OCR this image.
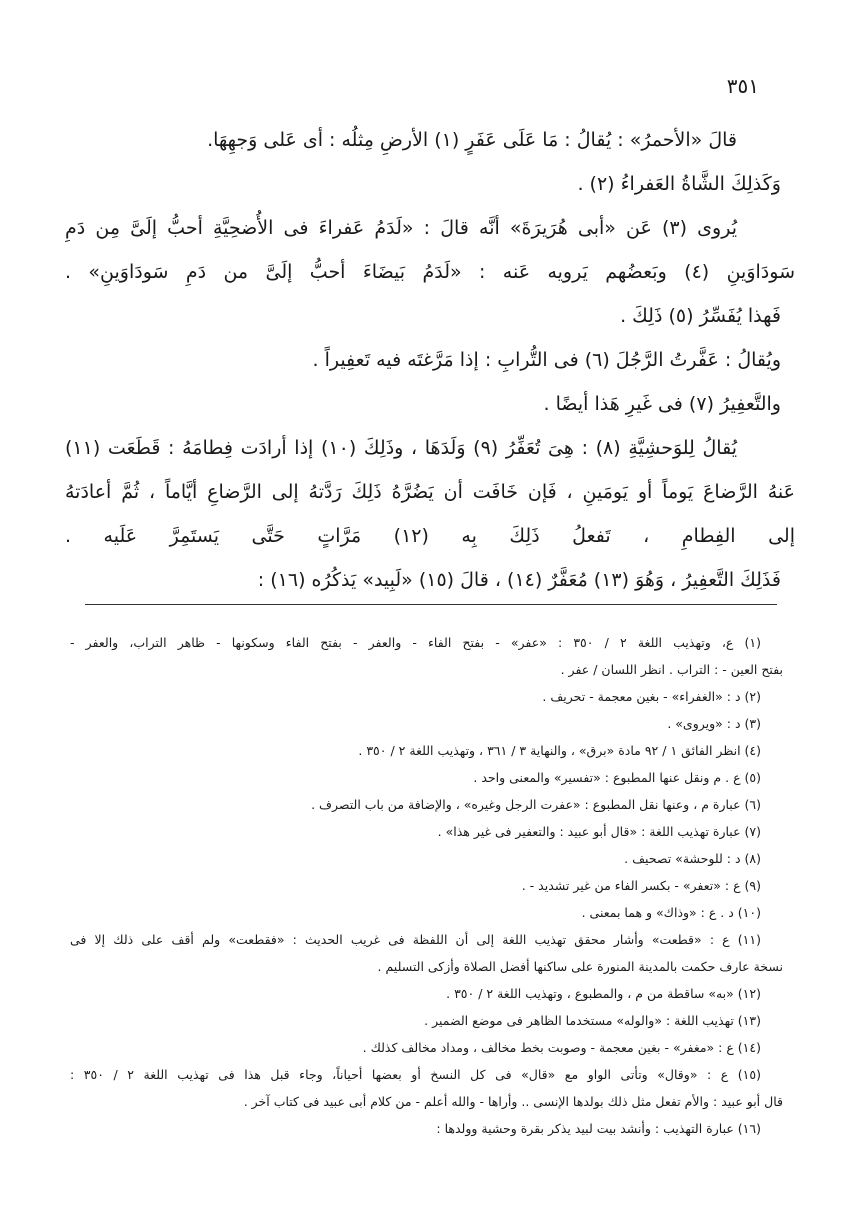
٣٥١

قالَ «الأحمرُ» : يُقالُ : مَا عَلَى عَفَرٍ (١) الأرضِ مِثلُه : أى عَلى وَجهِهَا.

وَكَذلِكَ الشَّاةُ العَفراءُ (٢) .

يُروى (٣) عَن «أبى هُرَيرَةَ» أنَّه قالَ : «لَدَمُ عَفراءَ فى الأُضحِيَّةِ أحبُّ إلَىَّ مِن دَمِ

سَودَاوَينِ (٤) وبَعضُهم يَرويه عَنه : «لَدَمُ بَيضَاءَ أحبُّ إلَىَّ من دَمِ سَودَاوَينِ» .

فَهذا يُفَسِّرُ (٥) ذَلِكَ .

ويُقالُ : عَفَّرتُ الرَّجُلَ (٦) فى التُّرابِ : إذا مَرَّغتَه فيه تَعفِيراً .

والتَّعفِيرُ (٧) فى غَيرِ هَذا أيضًا .

يُقالُ لِلوَحشِيَّةِ (٨) : هِىَ تُعَفِّرُ (٩) وَلَدَهَا ، وذَلِكَ (١٠) إذا أرادَت فِطامَهُ : قَطَعَت (١١)

عَنهُ الرَّضاعَ يَوماً أو يَومَينِ ، فَإن خَافَت أن يَضُرَّهُ ذَلِكَ رَدَّتهُ إلى الرَّضاعِ أيَّاماً ، ثُمَّ أعادَتهُ

إلى الفِطامِ ، تَفعلُ ذَلِكَ بِه (١٢) مَرَّاتٍ حَتَّى يَستَمِرَّ عَلَيه .

فَذَلِكَ التَّعفِيرُ ، وَهُوَ (١٣) مُعَفَّرٌ (١٤) ، قالَ (١٥) «لَبِيد» يَذكُرُه (١٦) :

(١) ع، وتهذيب اللغة ٢ / ٣٥٠ : «عفر» - بفتح الفاء - والعفر - بفتح الفاء وسكونها - ظاهر التراب، والعفر -

بفتح العين - : التراب . انظر اللسان / عفر .

(٢) د : «الغفراء» - بغين معجمة - تحريف .

(٣) د : «ويروى» .

(٤) انظر الفائق ١ / ٩٢ مادة «برق» ، والنهاية ٣ / ٣٦١ ، وتهذيب اللغة ٢ / ٣٥٠ .

(٥) ع . م ونقل عنها المطبوع : «تفسير» والمعنى واحد .

(٦) عبارة م ، وعنها نقل المطبوع : «عفرت الرجل وغيره» ، والإضافة من باب التصرف .

(٧) عبارة تهذيب اللغة : «قال أبو عبيد : والتعفير فى غير هذا» .

(٨) د : للوحشة» تصحيف .

(٩) ع : «تعفر» - بكسر الفاء من غير تشديد - .

(١٠) د . ع : «وذاك» و هما بمعنى .

(١١) ع : «قطعت» وأشار محقق تهذيب اللغة إلى أن اللفظة فى غريب الحديث : «فقطعت» ولم أقف على ذلك إلا فى

نسخة عارف حكمت بالمدينة المنورة على ساكنها أفضل الصلاة وأزكى التسليم .

(١٢) «به» ساقطة من م ، والمطبوع ، وتهذيب اللغة ٢ / ٣٥٠ .

(١٣) تهذيب اللغة : «والوله» مستخدما الظاهر فى موضع الضمير .

(١٤) ع : «مغفر» - بغين معجمة - وصوبت بخط مخالف ، ومداد مخالف كذلك .

(١٥) ع : «وقال» وتأتى الواو مع «قال» فى كل النسخ أو بعضها أحياناً، وجاء قبل هذا فى تهذيب اللغة ٢ / ٣٥٠ :

قال أبو عبيد : والأم تفعل مثل ذلك بولدها الإنسى .. وأراها - والله أعلم - من كلام أبى عبيد فى كتاب آخر .

(١٦) عبارة التهذيب : وأنشد بيت لبيد يذكر بقرة وحشية وولدها :
